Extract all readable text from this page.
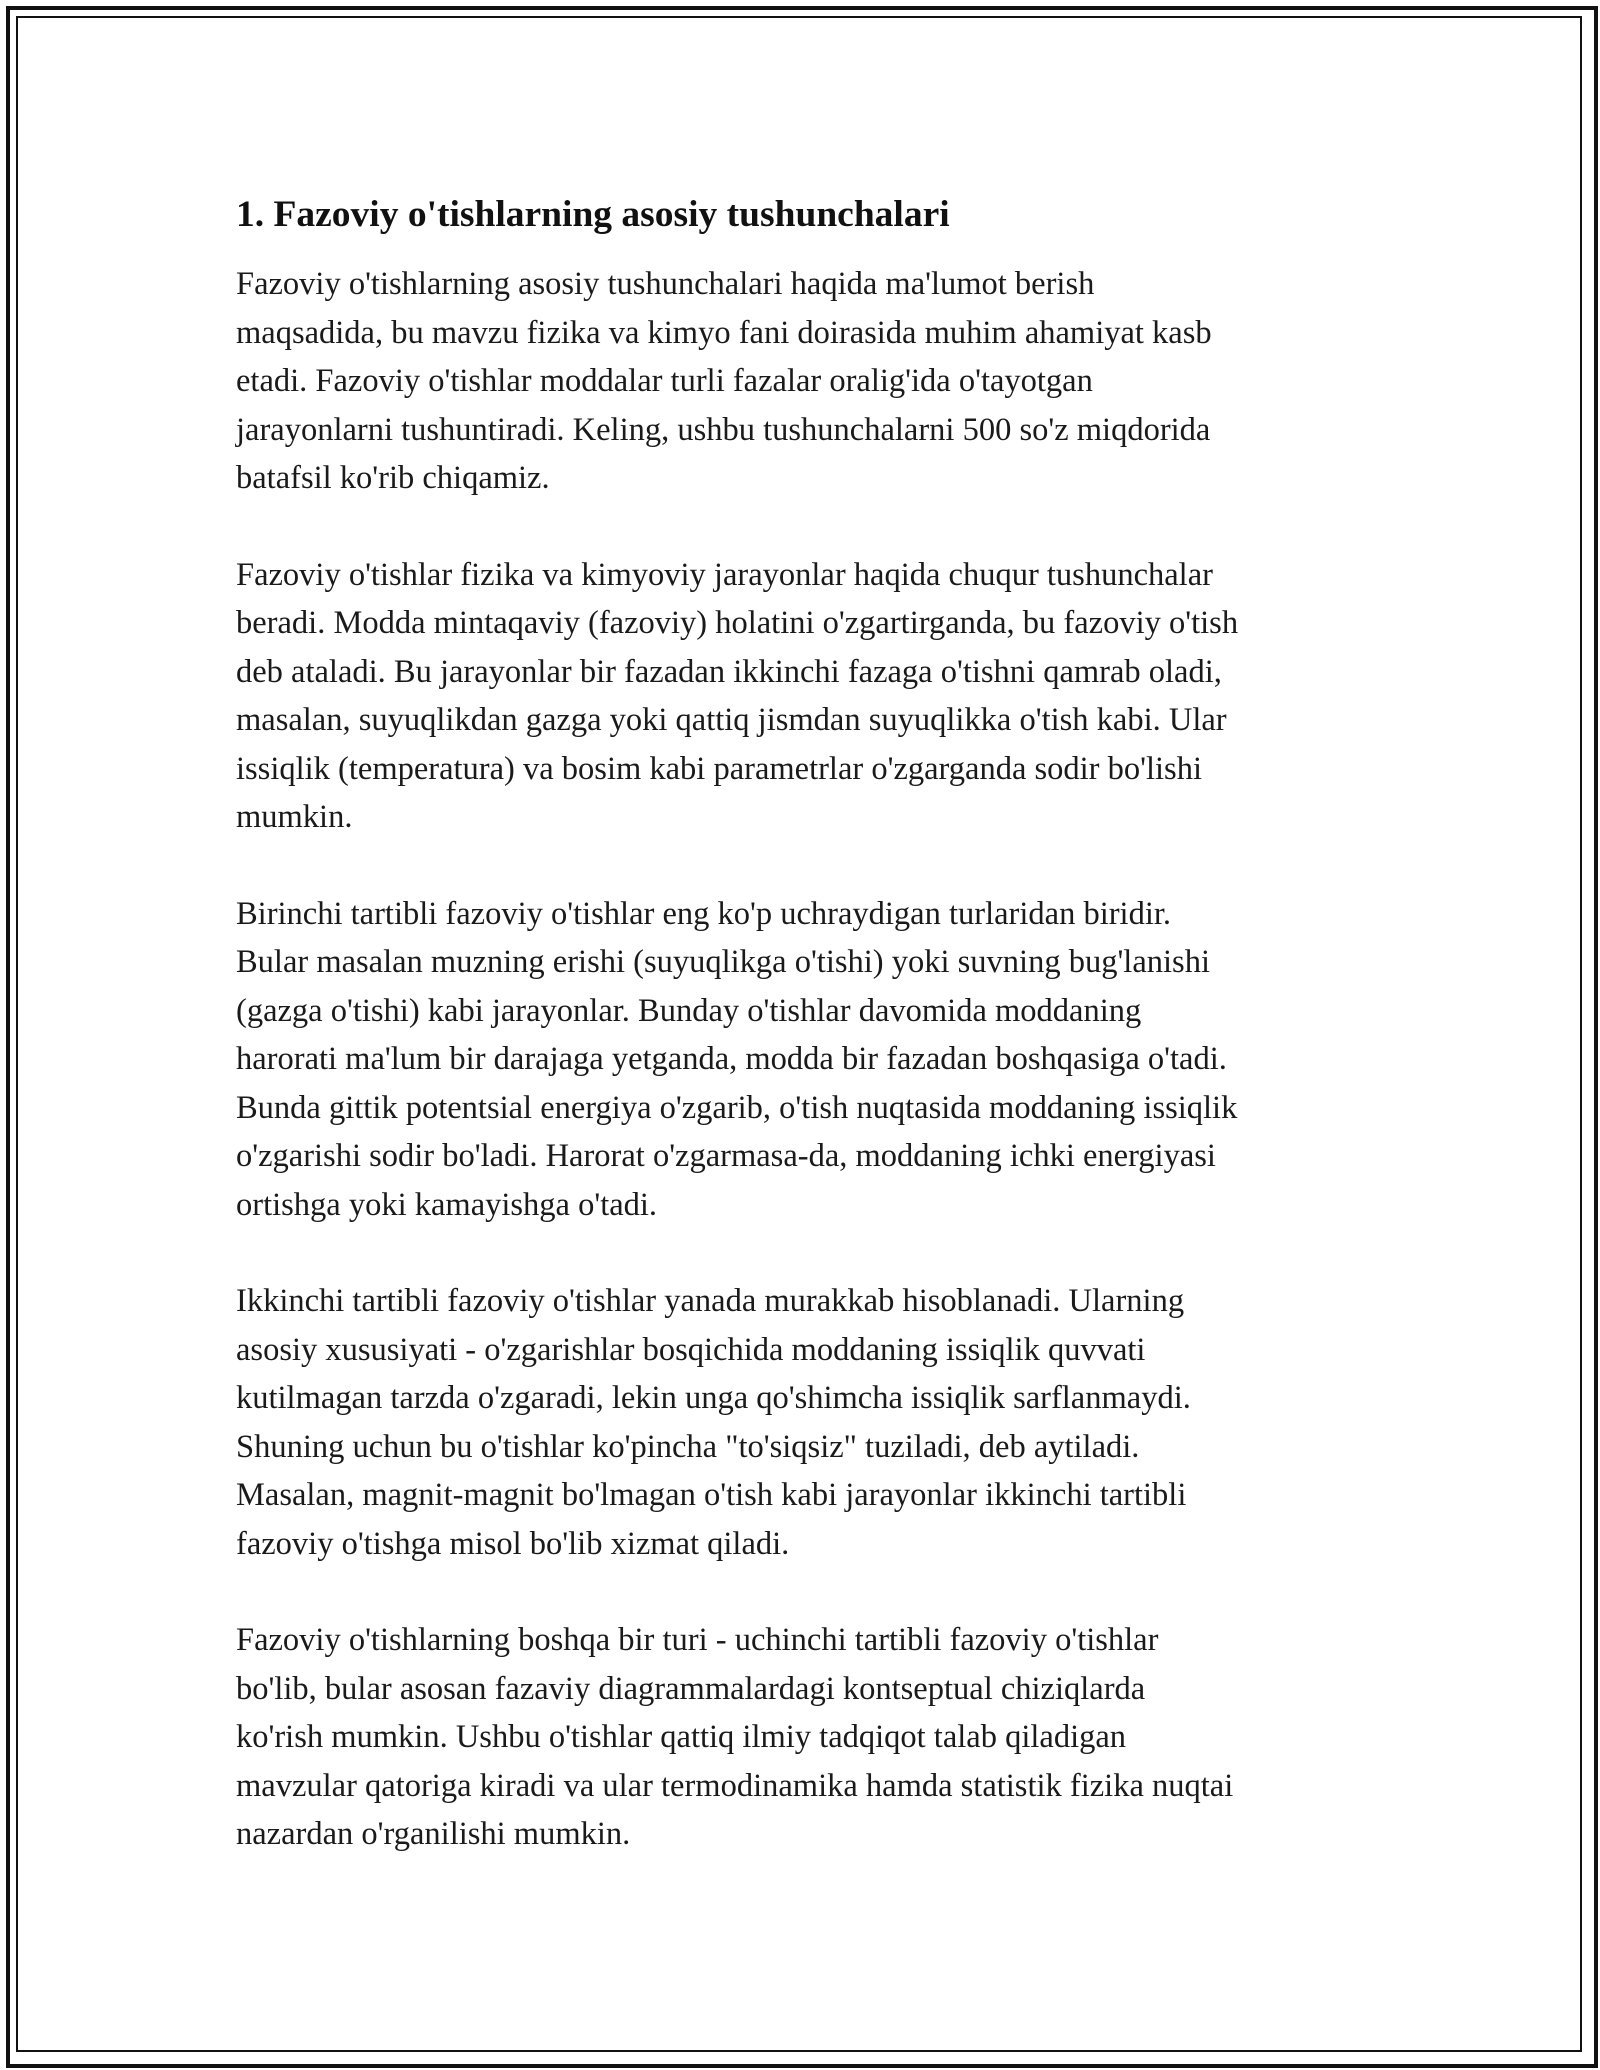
1. Fazoviy o'tishlarning asosiy tushunchalari

Fazoviy o'tishlarning asosiy tushunchalari haqida ma'lumot berish
maqsadida, bu mavzu fizika va kimyo fani doirasida muhim ahamiyat kasb
etadi. Fazoviy o'tishlar moddalar turli fazalar oralig'ida o'tayotgan
jarayonlarni tushuntiradi. Keling, ushbu tushunchalarni 500 so'z miqdorida
batafsil ko'rib chiqamiz.

Fazoviy o'tishlar fizika va kimyoviy jarayonlar haqida chuqur tushunchalar
beradi. Modda mintaqaviy (fazoviy) holatini o'zgartirganda, bu fazoviy o'tish
deb ataladi. Bu jarayonlar bir fazadan ikkinchi fazaga o'tishni qamrab oladi,
masalan, suyuqlikdan gazga yoki qattiq jismdan suyuqlikka o'tish kabi. Ular
issiqlik (temperatura) va bosim kabi parametrlar o'zgarganda sodir bo'lishi
mumkin.

Birinchi tartibli fazoviy o'tishlar eng ko'p uchraydigan turlaridan biridir.
Bular masalan muzning erishi (suyuqlikga o'tishi) yoki suvning bug'lanishi
(gazga o'tishi) kabi jarayonlar. Bunday o'tishlar davomida moddaning
harorati ma'lum bir darajaga yetganda, modda bir fazadan boshqasiga o'tadi.
Bunda gittik potentsial energiya o'zgarib, o'tish nuqtasida moddaning issiqlik
o'zgarishi sodir bo'ladi. Harorat o'zgarmasa-da, moddaning ichki energiyasi
ortishga yoki kamayishga o'tadi.

Ikkinchi tartibli fazoviy o'tishlar yanada murakkab hisoblanadi. Ularning
asosiy xususiyati - o'zgarishlar bosqichida moddaning issiqlik quvvati
kutilmagan tarzda o'zgaradi, lekin unga qo'shimcha issiqlik sarflanmaydi.
Shuning uchun bu o'tishlar ko'pincha "to'siqsiz" tuziladi, deb aytiladi.
Masalan, magnit-magnit bo'lmagan o'tish kabi jarayonlar ikkinchi tartibli
fazoviy o'tishga misol bo'lib xizmat qiladi.

Fazoviy o'tishlarning boshqa bir turi - uchinchi tartibli fazoviy o'tishlar
bo'lib, bular asosan fazaviy diagrammalardagi kontseptual chiziqlarda
ko'rish mumkin. Ushbu o'tishlar qattiq ilmiy tadqiqot talab qiladigan
mavzular qatoriga kiradi va ular termodinamika hamda statistik fizika nuqtai
nazardan o'rganilishi mumkin.
